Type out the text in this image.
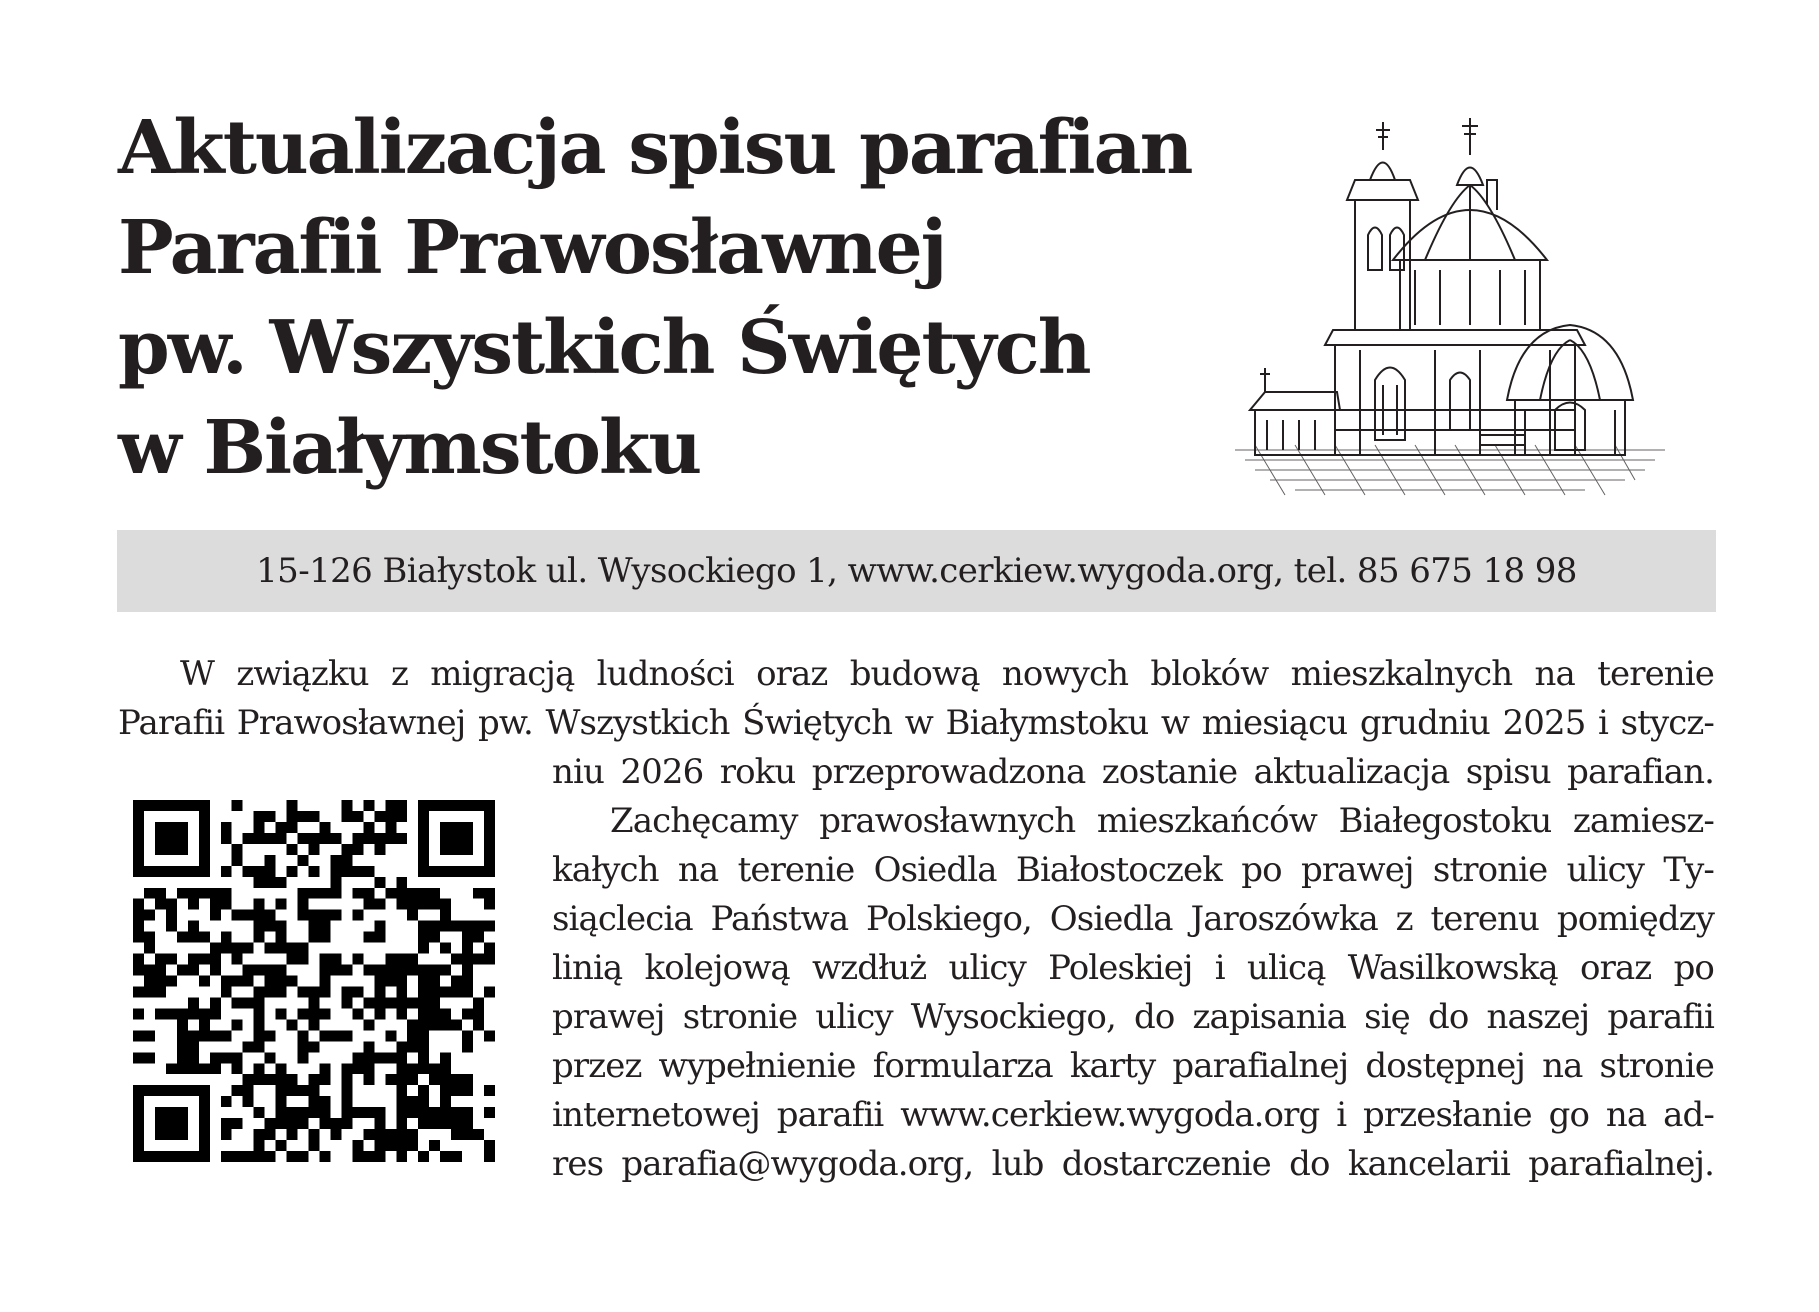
Aktualizacja spisu parafian
Parafii Prawosławnej
pw. Wszystkich Świętych
w Białymstoku
15-126 Białystok ul. Wysockiego 1, www.cerkiew.wygoda.org, tel. 85 675 18 98
W związku z migracją ludności oraz budową nowych bloków mieszkalnych na terenie
Parafii Prawosławnej pw. Wszystkich Świętych w Białymstoku w miesiącu grudniu 2025 i stycz-
niu 2026 roku przeprowadzona zostanie aktualizacja spisu parafian.
Zachęcamy prawosławnych mieszkańców Białegostoku zamiesz-
kałych na terenie Osiedla Białostoczek po prawej stronie ulicy Ty-
siąclecia Państwa Polskiego, Osiedla Jaroszówka z terenu pomiędzy
linią kolejową wzdłuż ulicy Poleskiej i ulicą Wasilkowską oraz po
prawej stronie ulicy Wysockiego, do zapisania się do naszej parafii
przez wypełnienie formularza karty parafialnej dostępnej na stronie
internetowej parafii www.cerkiew.wygoda.org i przesłanie go na ad-
res parafia@wygoda.org, lub dostarczenie do kancelarii parafialnej.
